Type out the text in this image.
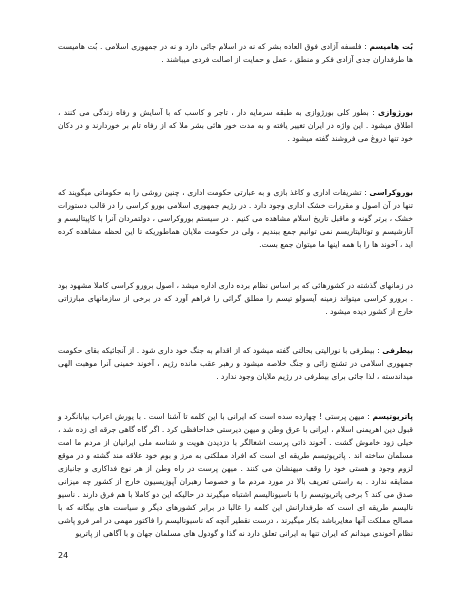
بُت هامیسم : فلسفه آزادی فوق العاده بشر که نه در اسلام جائی دارد و نه در جمهوری اسلامی . بُت هامیست ها طرفداران جدی آزادی فکر و منطق ، عمل و حمایت از اصالت فردی میباشند .

بورژوازی : بطور کلی بورژوازی به طبقه سرمایه دار ، تاجر و کاسب که با آسایش و رفاه زندگی می کنند ، اطلاق میشود . این واژه در ایران تغییر یافته و به مدت خور هائی بشر ملا که از رفاه تام بر خوردارند و در دکان خود تنها دروغ می فروشند گفته میشود .

بوروکراسی : تشریفات اداری و کاغذ بازی و به عبارتی حکومت اداری ، چنین روشی را به حکوماتی میگویند که تنها در آن اصول و مقررات خشک اداری وجود دارد . در رژیم جمهوری اسلامی بورو کراسی را در قالب دستورات خشک ، برتر گونه و ماقبل تاریخ اسلام مشاهده می کنیم . در سیستم بوروکراسی ، دولتمردان آنرا با کاپیتالیسم و آنارشیسم و توتالیتاریسم نمی توانیم جمع ببندیم ، ولی در حکومت ملایان هماطوریکه تا این لحظه مشاهده کرده اید ، آخوند ها را با همه اینها ما میتوان جمع بست.

در زمانهای گذشته در کشورهائی که بر اساس نظام برده داری اداره میشد ، اصول برورو کراسی کاملا مشهود بود . برورو کراسی میتواند زمینه آیسولو تیسم را مطلق گرائی را فراهم آورد که در برخی از سازمانهای مبارزاتی خارج از کشور دیده میشود .

بیطرفی : بیطرفی با نورالیتی بحالتی گفته میشود که از اقدام به جنگ خود داری شود . از آنجائیکه بقای حکومت جمهوری اسلامی در تشنج زائی و جنگ خلاصه میشود و رهبر عقب مانده رژیم ، آخوند خمینی آنرا موهبت الهی میداندسته ، لذا جائی برای بیطرفی در رژیم ملایان وجود ندارد .

پاتریوتیسم : میهن پرستی ! چهارده سده است که ایرانی با این کلمه تا آشنا است . با یورش اعراب بیابانگرد و قبول دین اهریمنی اسلام ، ایرانی با عرق وطن و میهن دیرستی خداحافظی کرد . اگر گاه گاهی جرقه ای زده شد ، خیلی زود خاموش گشت . آخوند ذاتی پرست اشغالگر با دزدیدن هویت و شناسه ملی ایرانیان از مردم ما امت مسلمان ساخته اند . پاتریوتیسم طریقه ای است که افراد مملکتی به مرز و بوم خود علاقه مند گشته و در موقع لزوم وجود و هستی خود را وقف میهنشان می کنند . میهن پرست در راه وطن از هر نوع فداکاری و جانبازی مضایقه ندارد . به راستی تعریف بالا در مورد مردم ما و خصوصا رهبران آپوزیسیون خارج از کشور چه میزانی صدق می کند ؟ برخی پاتریوتیسم را با ناسیونالیسم اشتباه میگیرند در حالیکه این دو کاملا با هم فرق دارند . ناسیو نالیسم طریقه ای است که طرفدارانش این کلمه را غالبا در برابر کشورهای دیگر و سیاست های بیگانه که با مصالح مملکت آنها مغایرباشد بکار میگیرند ، درست نقطیر آنچه که ناسیونالیسم را فاکتور مهمی در امر فرو پاشی نظام آخوندی میدانم که ایران تنها به ایرانی تعلق دارد نه گذا و گودول های مسلمان جهان و با آگاهی از پاتریو

24
